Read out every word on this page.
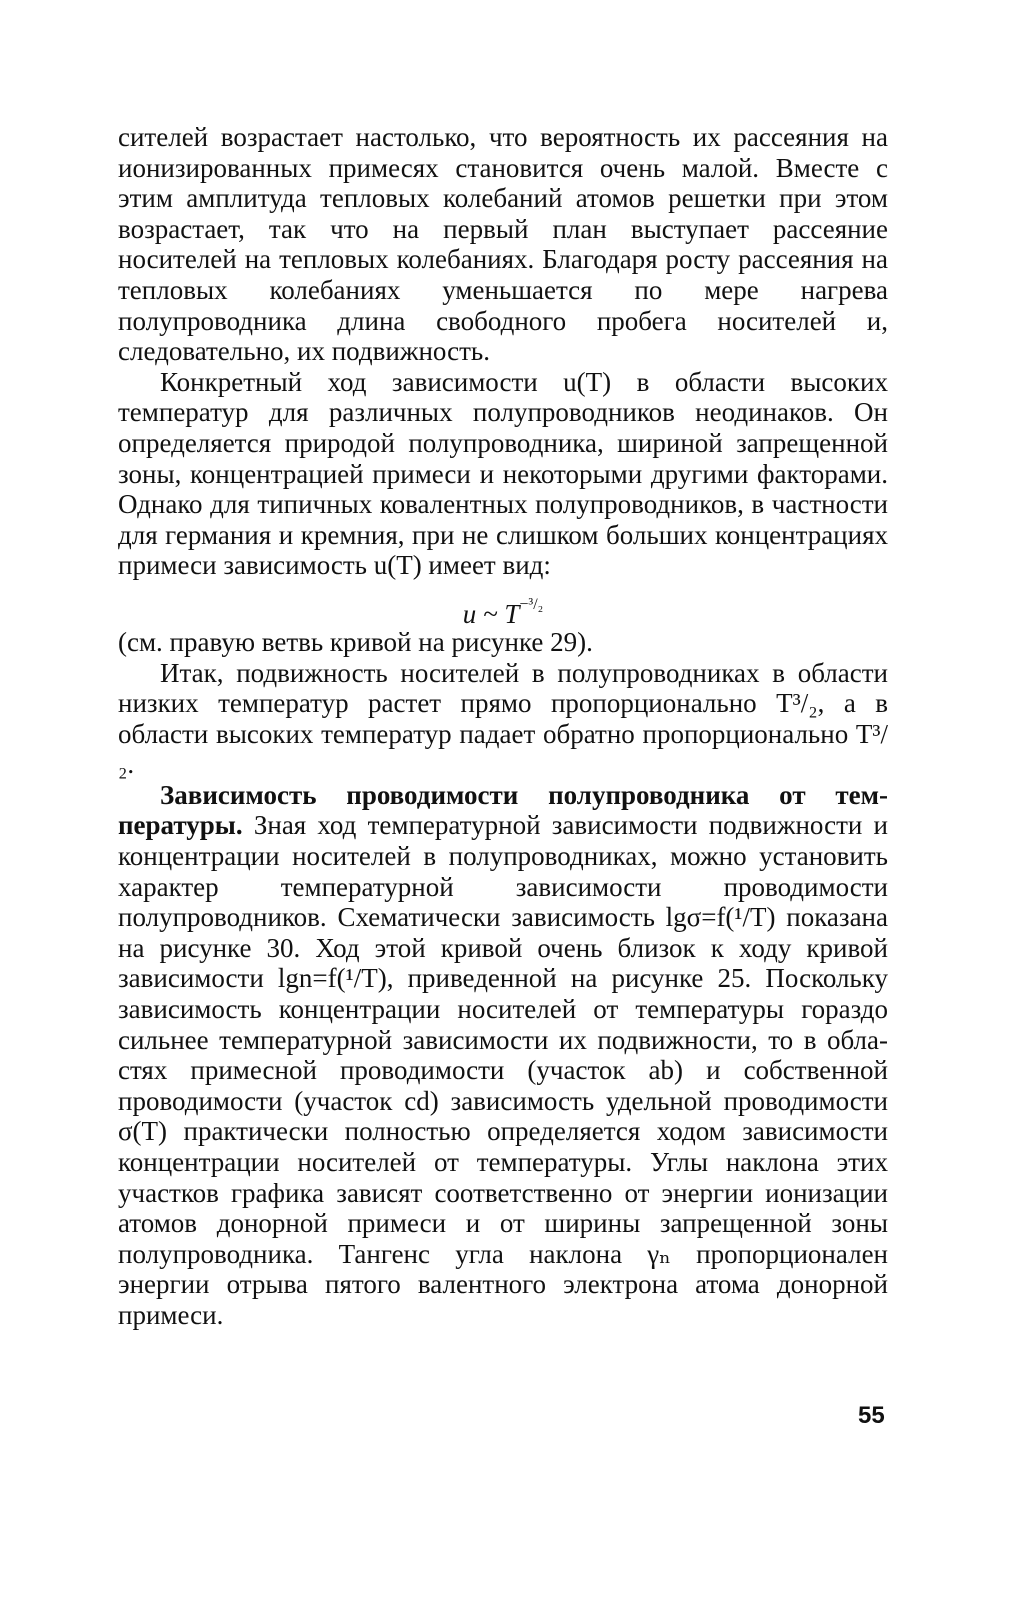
сителей возрастает настолько, что вероятность их рассеяния на ионизированных примесях становится очень малой. Вместе с этим амплитуда тепловых колебаний атомов решетки при этом возрастает, так что на первый план выступает рассеяние носителей на тепловых колебаниях. Благодаря росту рассеяния на тепловых колебаниях уменьшается по мере нагрева полупроводника длина свободного пробега носителей и, следовательно, их подвижность.

Конкретный ход зависимости u(T) в области высоких температур для различных полупроводников неодинаков. Он определяется природой полупроводника, шириной запрещенной зоны, концентрацией примеси и некоторыми другими факторами. Однако для типичных ковалентных полупроводников, в частности для германия и кремния, при не слишком больших концентрациях примеси зависимость u(T) имеет вид:

u ~ $T^{-^3/_2}$

(см. правую ветвь кривой на рисунке 29).

Итак, подвижность носителей в полупроводниках в области низких температур растет прямо пропорционально T³/₂, а в области высоких температур падает обратно пропорционально T³/₂.

Зависимость проводимости полупроводника от температуры. Зная ход температурной зависимости подвижности и концентрации носителей в полупроводниках, можно установить характер температурной зависимости проводимости полупроводников. Схематически зависимость lgσ=f(¹/T) показана на рисунке 30. Ход этой кривой очень близок к ходу кривой зависимости lgn=f(¹/T), приведенной на рисунке 25. Поскольку зависимость концентрации носителей от температуры гораздо сильнее температурной зависимости их подвижности, то в областях примесной проводимости (участок ab) и собственной проводимости (участок cd) зависимость удельной проводимости σ(T) практически полностью определяется ходом зависимости концентрации носителей от температуры. Углы наклона этих участков графика зависят соответственно от энергии ионизации атомов донорной примеси и от ширины запрещенной зоны полупроводника. Тангенс угла наклона γₙ пропорционален энергии отрыва пятого валентного электрона атома донорной примеси.

55
